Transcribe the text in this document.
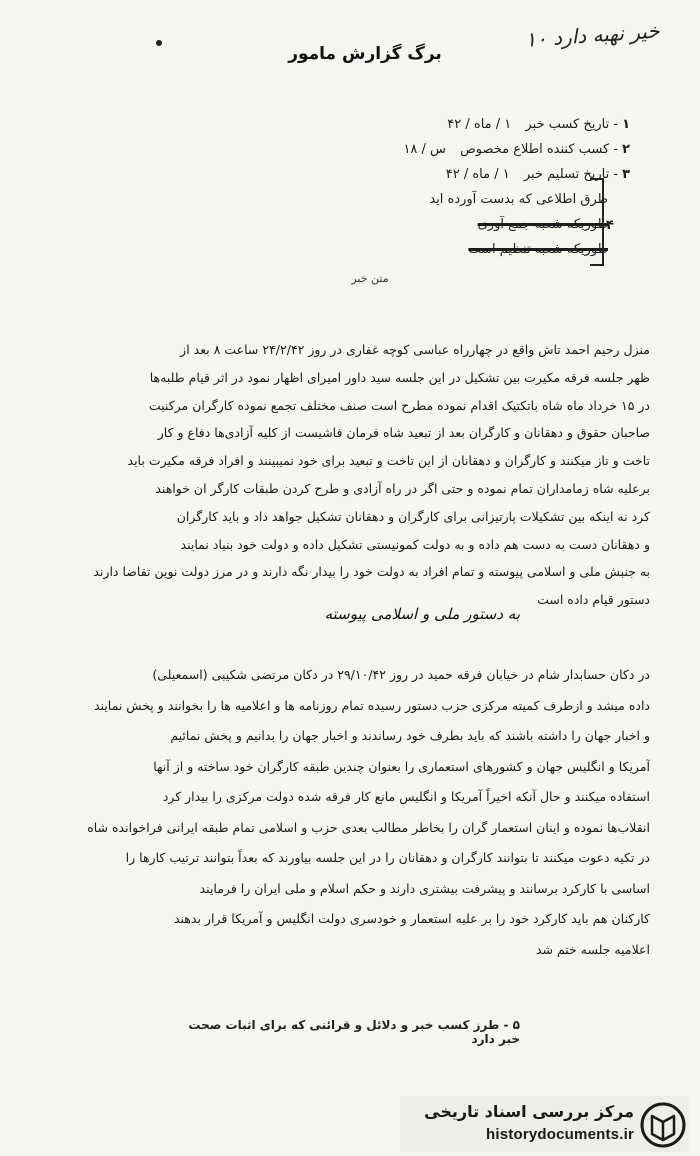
خیر نهبه دارد ۱۰
برگ گزارش مامور
۱- تاریخ کسب خبر ۱ / ماه / ۴۲
۲- کسب کننده اطلاع مخصوص س / ۱۸
۳- تاریخ تسلیم خبر ۱ / ماه / ۴۲
طرق اطلاعی که بدست آورده اید
طوریکه شعبه جمع آوری
طوریکه شعبه تنظیم است
۴
متن خبر

منزل رحیم احمد تاش واقع در چهارراه عباسی کوچه غفاری در روز ۲۴/۲/۴۲ ساعت ۸ بعد از

ظهر جلسه فرقه مکیرت بین تشکیل در این جلسه سید داور امیرای اظهار نمود در اثر قیام طلبه‌ها

در ۱۵ خرداد ماه شاه باتکتیک اقدام نموده مطرح است صنف مختلف تجمع نموده کارگران مرکنیت

صاحبان حقوق و دهقانان و کارگران بعد از تبعید شاه فرمان فاشیست از کلیه آزادی‌ها دفاع و کار

تاخت و تاز میکنند و کارگران و دهقانان از این تاخت و تبعید برای خود نمیبینند و افراد فرقه مکیرت باید

برعلیه شاه زمامداران تمام نموده و حتی اگر در راه آزادی و طرح کردن طبقات کارگر ان خواهند

کرد نه اینکه بین تشکیلات پارتیزانی برای کارگران و دهقانان تشکیل جواهد داد و باید کارگران

و دهقانان دست به دست هم داده و به دولت کمونیستی تشکیل داده و دولت خود بنیاد نمایند

به جنبش ملی و اسلامی پیوسته و تمام افراد به دولت خود را بیدار نگه دارند و در مرز دولت نوین تقاضا دارند

دستور قیام داده است

به دستور ملی و اسلامی پیوسته

در دکان حسابدار شام در خیابان فرقه حمید در روز ۲۹/۱۰/۴۲ در دکان مرتضی شکیبی (اسمعیلی)

داده میشد و ازطرف کمیته مرکزی حزب دستور رسیده تمام روزنامه ها و اعلامیه ها را بخوانند و پخش نمایند

و اخبار جهان را داشته باشند که باید بطرف خود رساندند و اخبار جهان را بدانیم و پخش نمائیم

آمریکا و انگلیس جهان و کشورهای استعماری را بعنوان چندین طبقه کارگران خود ساخته و از آنها

استفاده میکنند و حال آنکه اخیراً آمریکا و انگلیس مانع کار فرقه شده دولت مرکزی را بیدار کرد

انقلاب‌ها نموده و اینان استعمار گران را بخاطر مطالب بعدی حزب و اسلامی تمام طبقه ایرانی فراخوانده شاه

در تکیه دعوت میکنند تا بتوانند کارگران و دهقانان را در این جلسه بیاورند که بعداً بتوانند ترتیب کارها را

اساسی با کارکرد برسانند و پیشرفت بیشتری دارند و حکم اسلام و ملی ایران را فرمایند

کارکنان هم باید کارکرد خود را بر علیه استعمار و خودسری دولت انگلیس و آمریکا قرار بدهند

اعلامیه جلسه ختم شد

۵ - طرز کسب خبر و دلائل و قرائنی که برای اثبات صحت خبر دارد
مرکز بررسی اسناد تاریخی
historydocuments.ir
